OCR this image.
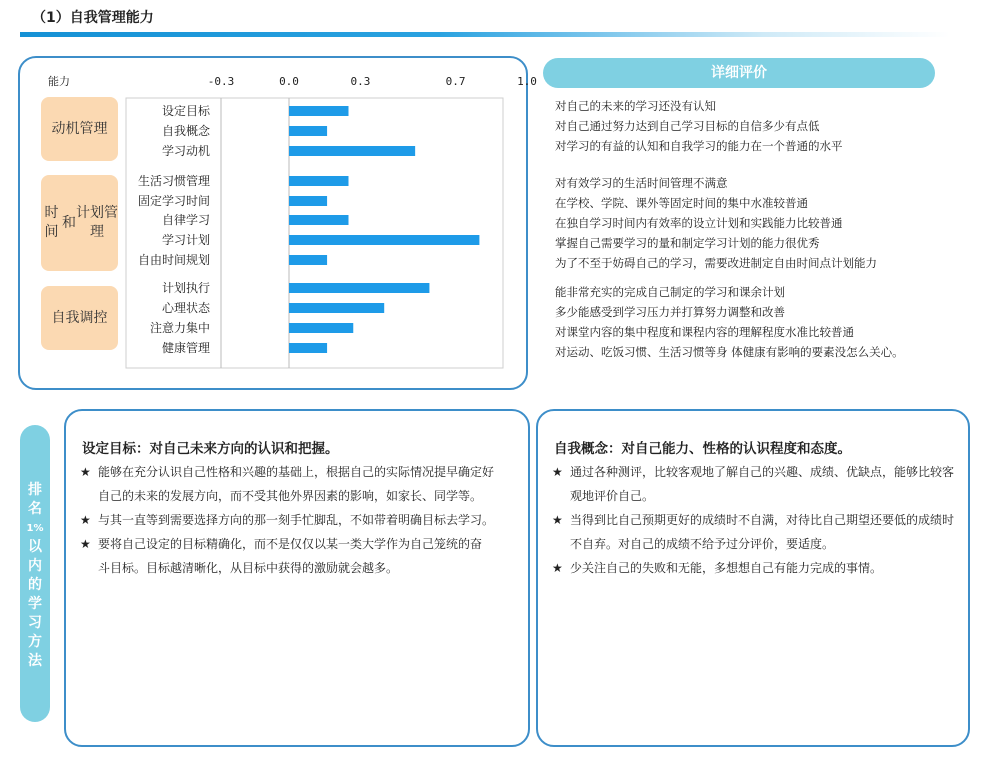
（1）自我管理能力
能力	-0.3	0.0	0.3	0.7	1.0
设定目标
自我概念
学习动机
生活习惯管理
固定学习时间
自律学习
学习计划
自由时间规划
计划执行
心理状态
注意力集中
健康管理
动机 管理
时间
和
计划管理
自我 调控
详细评价
对自己的未来的学习还没有认知
对自己通过努力达到自己学习目标的自信多少有点低
对学习的有益的认知和自我学习的能力在一个普通的水平
对有效学习的生活时间管理不满意
在学校、学院、课外等固定时间的集中水准较普通
在独自学习时间内有效率的设立计划和实践能力比较普通
掌握自己需要学习的量和制定学习计划的能力很优秀
为了不至于妨碍自己的学习，需要改进制定自由时间点计划能力
能非常充实的完成自己制定的学习和课余计划
多少能感受到学习压力并打算努力调整和改善
对课堂内容的集中程度和课程内容的理解程度水准比较普通
对运动、吃饭习惯、生活习惯等身 体健康有影响的要素没怎么关心。
排
名
1%
以
内
的
学
习
方
法
设定目标：对自己未来方向的认识和把握。
★ 能够在充分认识自己性格和兴趣的基础上，根据自己的实际情况提早确定好
自己的未来的发展方向，而不受其他外界因素的影响，如家长、同学等。
★ 与其一直等到需要选择方向的那一刻手忙脚乱，不如带着明确目标去学习。
★ 要将自己设定的目标精确化，而不是仅仅以某一类大学作为自己笼统的奋
斗目标。目标越清晰化，从目标中获得的激励就会越多。
自我概念：对自己能力、性格的认识程度和态度。
★ 通过各种测评，比较客观地了解自己的兴趣、成绩、优缺点，能够比较客
观地评价自己。
★ 当得到比自己预期更好的成绩时不自满，对待比自己期望还要低的成绩时
不自弃。对自己的成绩不给予过分评价，要适度。
★ 少关注自己的失败和无能，多想想自己有能力完成的事情。
